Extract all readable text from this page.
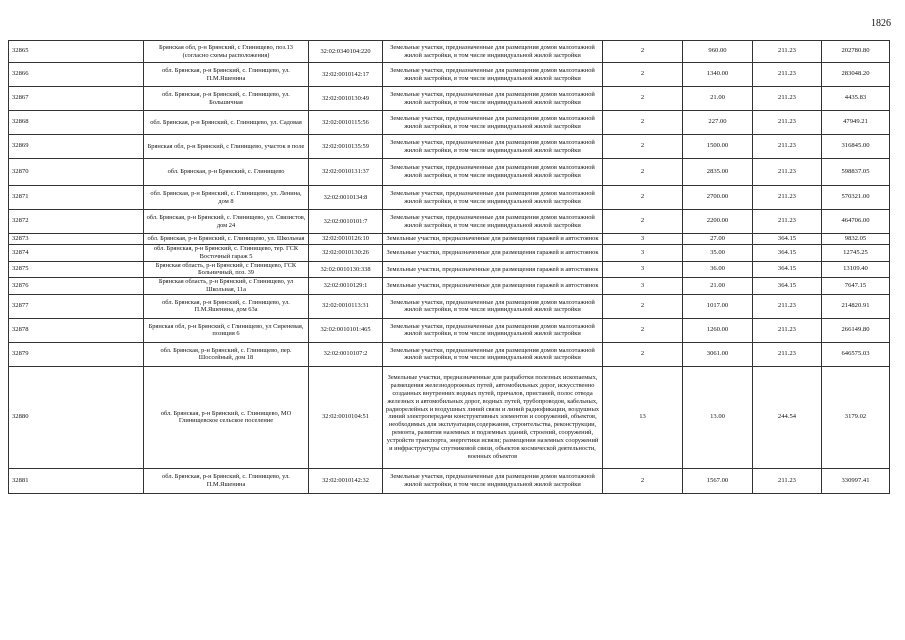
1826
32865	Брянская обл, р-н Брянский, с Глинищево, поз.13 (согласно схемы расположения)	32:02:0340104:220	Земельные участки, предназначенные для размещения домов малоэтажной жилой застройки, в том числе индивидуальной жилой застройки	2	960.00	211.23	202780.80
32866	обл. Брянская, р-н Брянский, с. Глинищево, ул. П.М.Яшенина	32:02:0010142:17	Земельные участки, предназначенные для размещения домов малоэтажной жилой застройки, в том числе индивидуальной жилой застройки	2	1340.00	211.23	283048.20
32867	обл. Брянская, р-н Брянский, с. Глинищево, ул. Большичная	32:02:0010130:49	Земельные участки, предназначенные для размещения домов малоэтажной жилой застройки, в том числе индивидуальной жилой застройки	2	21.00	211.23	4435.83
32868	обл. Брянская, р-н Брянский, с. Глинищево, ул. Садовая	32:02:0010115:56	Земельные участки, предназначенные для размещения домов малоэтажной жилой застройки, в том числе индивидуальной жилой застройки	2	227.00	211.23	47949.21
32869	Брянская обл, р-н Брянский, с Глинищево, участок в поле	32:02:0010135:59	Земельные участки, предназначенные для размещения домов малоэтажной жилой застройки, в том числе индивидуальной жилой застройки	2	1500.00	211.23	316845.00
32870	обл. Брянская, р-н Брянский, с. Глинищево	32:02:0010131:37	Земельные участки, предназначенные для размещения домов малоэтажной жилой застройки, в том числе индивидуальной жилой застройки	2	2835.00	211.23	598837.05
32871	обл. Брянская, р-н Брянский, с. Глинищево, ул. Ленина, дом 8	32:02:0010134:8	Земельные участки, предназначенные для размещения домов малоэтажной жилой застройки, в том числе индивидуальной жилой застройки	2	2700.00	211.23	570321.00
32872	обл. Брянская, р-н Брянский, с. Глинищево, ул. Связистов, дом 24	32:02:0010101:7	Земельные участки, предназначенные для размещения домов малоэтажной жилой застройки, в том числе индивидуальной жилой застройки	2	2200.00	211.23	464706.00
32873	обл. Брянская, р-н Брянский, с. Глинищево, ул. Школьная	32:02:0010126:10	Земельные участки, предназначенные для размещения гаражей и автостоянок	3	27.00	364.15	9832.05
32874	обл. Брянская, р-н Брянский, с. Глинищево, тер. ГСК Восточный гараж 5	32:02:0010130:26	Земельные участки, предназначенные для размещения гаражей и автостоянок	3	35.00	364.15	12745.25
32875	Брянская область, р-н Брянский, с Глинищево, ГСК Больничный, поз. 39	32:02:0010130:338	Земельные участки, предназначенные для размещения гаражей и автостоянок	3	36.00	364.15	13109.40
32876	Брянская область, р-н Брянский, с Глинищево, ул Школьная, 11а	32:02:0010129:1	Земельные участки, предназначенные для размещения гаражей и автостоянок	3	21.00	364.15	7647.15
32877	обл. Брянская, р-н Брянский, с. Глинищево, ул. П.М.Яшенина, дом 63а	32:02:0010113:31	Земельные участки, предназначенные для размещения домов малоэтажной жилой застройки, в том числе индивидуальной жилой застройки	2	1017.00	211.23	214820.91
32878	Брянская обл, р-н Брянский, с Глинищево, ул Сиреневая, позиция 6	32:02:0010101:465	Земельные участки, предназначенные для размещения домов малоэтажной жилой застройки, в том числе индивидуальной жилой застройки	2	1260.00	211.23	266149.80
32879	обл. Брянская, р-н Брянский, с. Глинищево, пер. Шоссейный, дом 18	32:02:0010107:2	Земельные участки, предназначенные для размещения домов малоэтажной жилой застройки, в том числе индивидуальной жилой застройки	2	3061.00	211.23	646575.03
32880	обл. Брянская, р-н Брянский, с. Глинищево, МО Глинищевское сельское поселение	32:02:0010104:51	Земельные участки, предназначенные для разработки полезных ископаемых, размещения железнодорожных путей, автомобильных дорог, искусственно созданных внутренних водных путей, причалов, пристаней, полос отвода железных и автомобильных дорог, водных путей, трубопроводов, кабельных, радиорелейных и воздушных линий связи и линий радиофикации, воздушных линий электропередачи конструктивных элементов и сооружений, объектов, необходимых для эксплуатации,содержания, строительства, реконструкции, ремонта, развития наземных и подземных зданий, строений, сооружений, устройств транспорта, энергетики исвязи; размещения наземных сооружений и инфраструктуры спутниковой связи, объектов космической деятельности, военных объектов	13	13.00	244.54	3179.02
32881	обл. Брянская, р-н Брянский, с. Глинищево, ул. П.М.Яшенина	32:02:0010142:32	Земельные участки, предназначенные для размещения домов малоэтажной жилой застройки, в том числе индивидуальной жилой застройки	2	1567.00	211.23	330997.41
